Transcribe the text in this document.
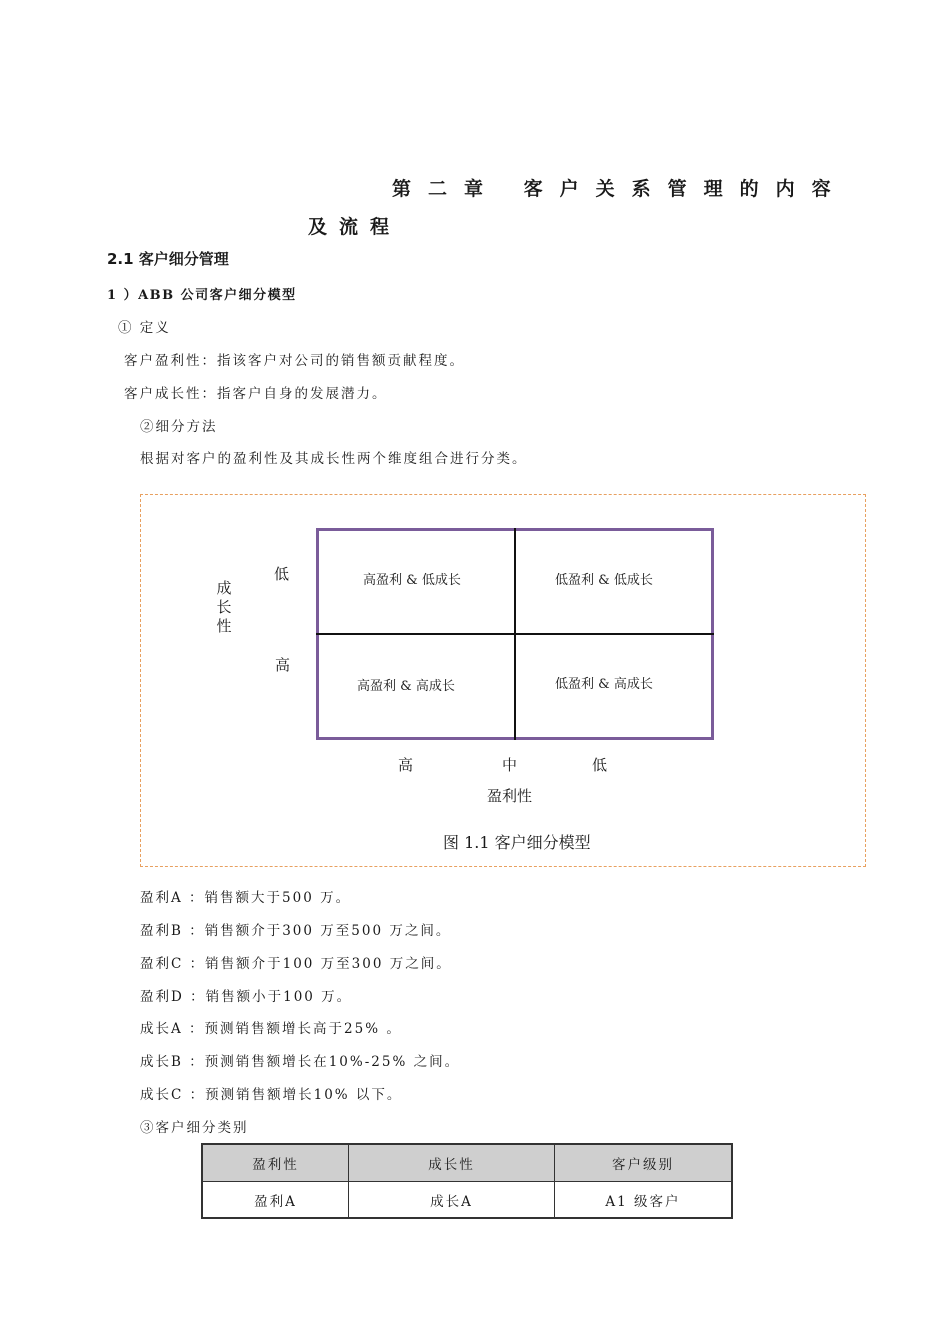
第二章 客户关系管理的内容
及流程
2.1 客户细分管理
1 ）ABB 公司客户细分模型
① 定义
客户盈利性：指该客户对公司的销售额贡献程度。
客户成长性：指客户自身的发展潜力。
②细分方法
根据对客户的盈利性及其成长性两个维度组合进行分类。
成长性
低
高
高盈利 & 低成长	低盈利 & 低成长
高盈利 & 高成长	低盈利 & 高成长
高	中	低
盈利性
图 1.1 客户细分模型
盈利A ：销售额大于500 万。
盈利B ：销售额介于300 万至500 万之间。
盈利C ：销售额介于100 万至300 万之间。
盈利D ：销售额小于100 万。
成长A ：预测销售额增长高于25% 。
成长B ：预测销售额增长在10%-25% 之间。
成长C ：预测销售额增长10% 以下。
③客户细分类别
盈利性	成长性	客户级别
盈利A	成长A	A1 级客户
